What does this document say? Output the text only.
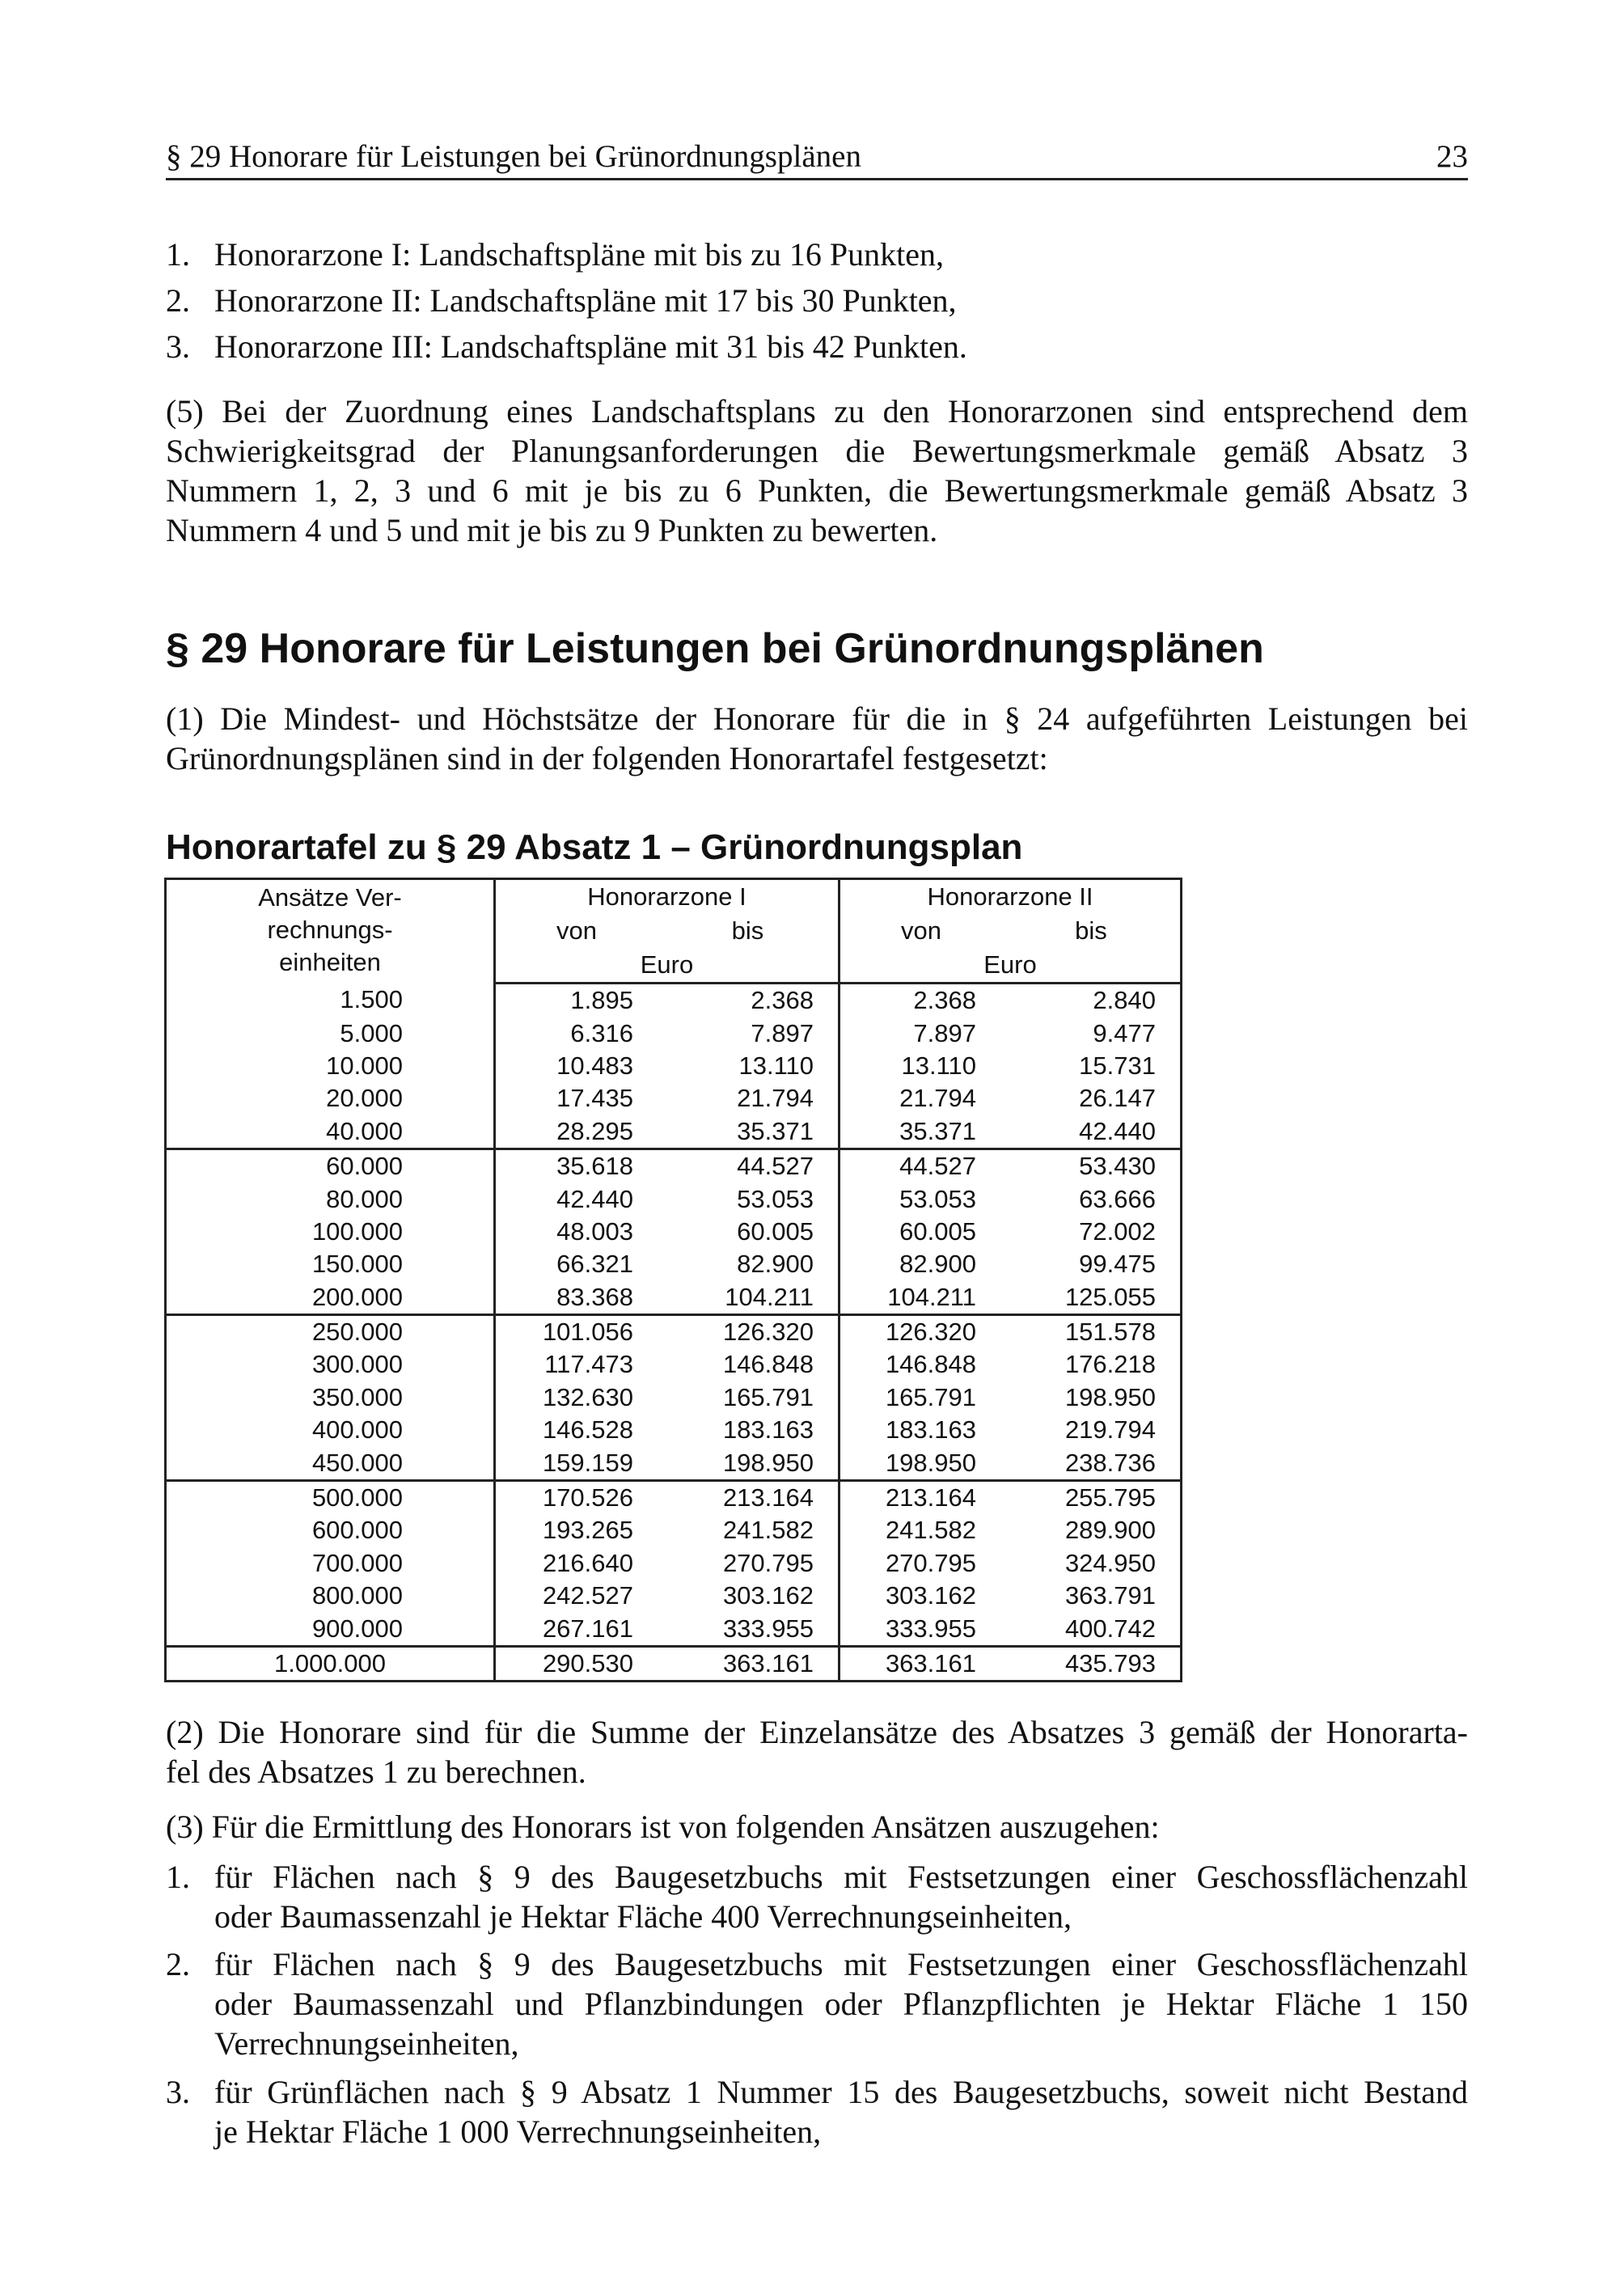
§ 29 Honorare für Leistungen bei Grünordnungsplänen	23
1. Honorarzone I: Landschaftspläne mit bis zu 16 Punkten,
2. Honorarzone II: Landschaftspläne mit 17 bis 30 Punkten,
3. Honorarzone III: Landschaftspläne mit 31 bis 42 Punkten.
(5) Bei der Zuordnung eines Landschaftsplans zu den Honorarzonen sind entsprechend dem
Schwierigkeitsgrad der Planungsanforderungen die Bewertungsmerkmale gemäß Absatz 3
Nummern 1, 2, 3 und 6 mit je bis zu 6 Punkten, die Bewertungsmerkmale gemäß Absatz 3
Nummern 4 und 5 und mit je bis zu 9 Punkten zu bewerten.
§ 29 Honorare für Leistungen bei Grünordnungsplänen
(1) Die Mindest- und Höchstsätze der Honorare für die in § 24 aufgeführten Leistungen bei
Grünordnungsplänen sind in der folgenden Honorartafel festgesetzt:
Honorartafel zu § 29 Absatz 1 – Grünordnungsplan
Ansätze Ver-
rechnungs-
einheiten	Honorarzone I		Honorarzone II	
	von	bis	von	bis
	Euro		Euro	
1.500	1.895	2.368	2.368	2.840
5.000	6.316	7.897	7.897	9.477
10.000	10.483	13.110	13.110	15.731
20.000	17.435	21.794	21.794	26.147
40.000	28.295	35.371	35.371	42.440
60.000	35.618	44.527	44.527	53.430
80.000	42.440	53.053	53.053	63.666
100.000	48.003	60.005	60.005	72.002
150.000	66.321	82.900	82.900	99.475
200.000	83.368	104.211	104.211	125.055
250.000	101.056	126.320	126.320	151.578
300.000	117.473	146.848	146.848	176.218
350.000	132.630	165.791	165.791	198.950
400.000	146.528	183.163	183.163	219.794
450.000	159.159	198.950	198.950	238.736
500.000	170.526	213.164	213.164	255.795
600.000	193.265	241.582	241.582	289.900
700.000	216.640	270.795	270.795	324.950
800.000	242.527	303.162	303.162	363.791
900.000	267.161	333.955	333.955	400.742
1.000.000	290.530	363.161	363.161	435.793
(2) Die Honorare sind für die Summe der Einzelansätze des Absatzes 3 gemäß der Honorarta-
fel des Absatzes 1 zu berechnen.
(3) Für die Ermittlung des Honorars ist von folgenden Ansätzen auszugehen:
1. für Flächen nach § 9 des Baugesetzbuchs mit Festsetzungen einer Geschossflächenzahl
oder Baumassenzahl je Hektar Fläche 400 Verrechnungseinheiten,
2. für Flächen nach § 9 des Baugesetzbuchs mit Festsetzungen einer Geschossflächenzahl
oder Baumassenzahl und Pflanzbindungen oder Pflanzpflichten je Hektar Fläche 1 150
Verrechnungseinheiten,
3. für Grünflächen nach § 9 Absatz 1 Nummer 15 des Baugesetzbuchs, soweit nicht Bestand
je Hektar Fläche 1 000 Verrechnungseinheiten,
